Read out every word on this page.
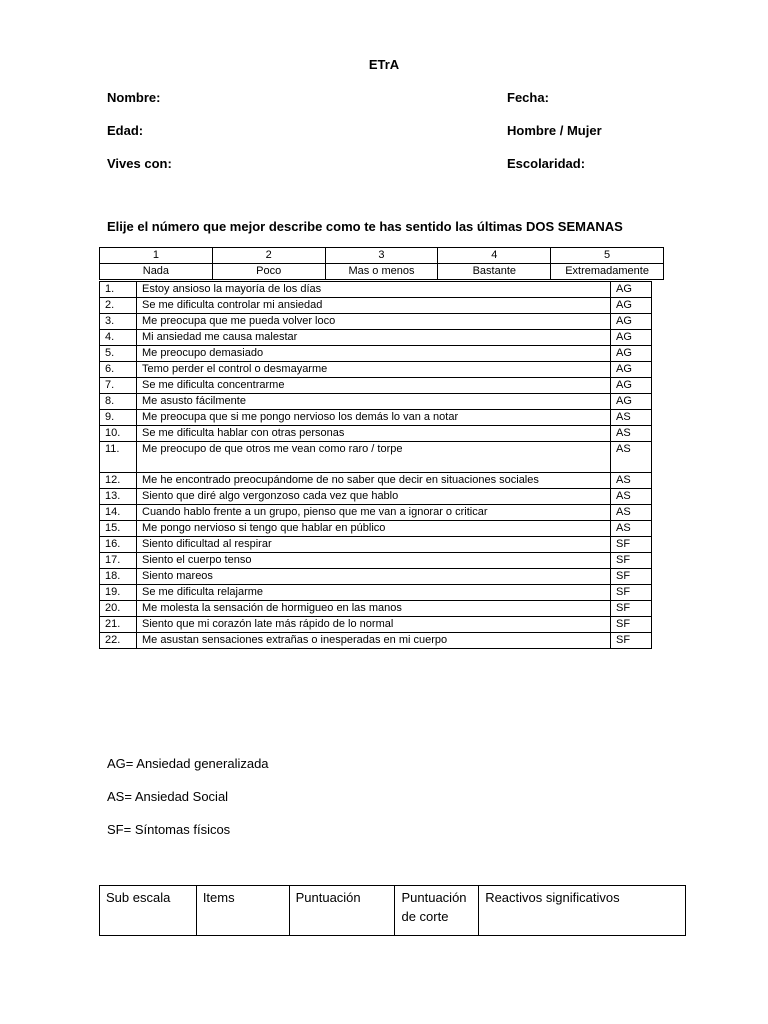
ETrA
Nombre:	Fecha:
Edad:	Hombre / Mujer
Vives con:	Escolaridad:
Elije el número que mejor describe como te has sentido las últimas DOS SEMANAS
1	2	3	4	5
Nada	Poco	Mas o menos	Bastante	Extremadamente
1.	Estoy ansioso la mayoría de los días	AG
2.	Se me dificulta controlar mi ansiedad	AG
3.	Me preocupa que me pueda volver loco	AG
4.	Mi ansiedad me causa malestar	AG
5.	Me preocupo demasiado	AG
6.	Temo perder el control o desmayarme	AG
7.	Se me dificulta concentrarme	AG
8.	Me asusto fácilmente	AG
9.	Me preocupa que si me pongo nervioso los demás lo van a notar	AS
10.	Se me dificulta hablar con otras personas	AS
11.	Me preocupo de que otros me vean como raro / torpe	AS
12.	Me he encontrado preocupándome de no saber que decir en situaciones sociales	AS
13.	Siento que diré algo vergonzoso cada vez que hablo	AS
14.	Cuando hablo frente a un grupo, pienso que me van a ignorar o criticar	AS
15.	Me pongo nervioso si tengo que hablar en público	AS
16.	Siento dificultad al respirar	SF
17.	Siento el cuerpo tenso	SF
18.	Siento mareos	SF
19.	Se me dificulta relajarme	SF
20.	Me molesta la sensación de hormigueo en las manos	SF
21.	Siento que mi corazón late más rápido de lo normal	SF
22.	Me asustan sensaciones extrañas o inesperadas en mi cuerpo	SF
AG= Ansiedad generalizada
AS= Ansiedad Social
SF= Síntomas físicos
Sub escala	Items	Puntuación	Puntuación de corte	Reactivos significativos
